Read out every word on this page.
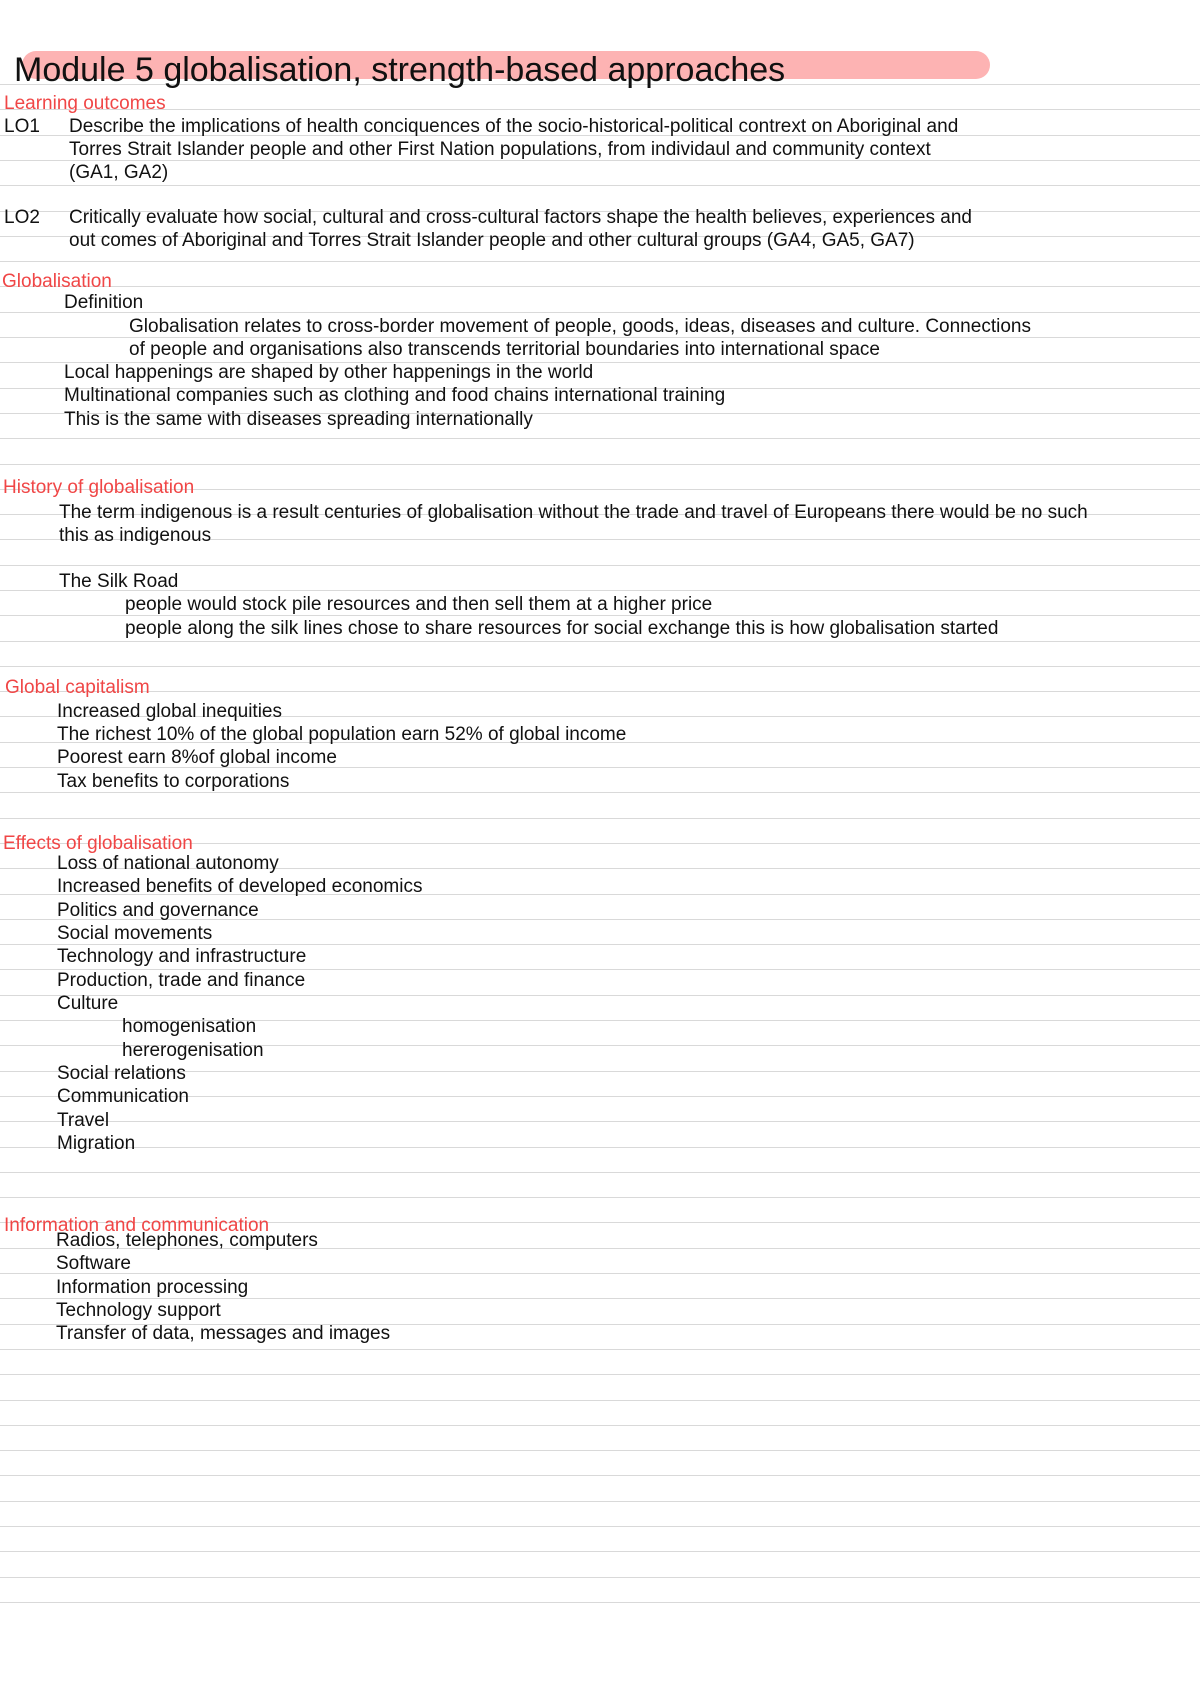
Module 5 globalisation, strength-based approaches
Learning outcomes
LO1 Describe the implications of health conciquences of the socio-historical-political contrext on Aboriginal and
Torres Strait Islander people and other First Nation populations, from individaul and community context
(GA1, GA2)
LO2 Critically evaluate how social, cultural and cross-cultural factors shape the health believes, experiences and
out comes of Aboriginal and Torres Strait Islander people and other cultural groups (GA4, GA5, GA7)
Globalisation
Definition
Globalisation relates to cross-border movement of people, goods, ideas, diseases and culture. Connections
of people and organisations also transcends territorial boundaries into international space
Local happenings are shaped by other happenings in the world
Multinational companies such as clothing and food chains international training
This is the same with diseases spreading internationally
History of globalisation
The term indigenous is a result centuries of globalisation without the trade and travel of Europeans there would be no such
this as indigenous
The Silk Road
people would stock pile resources and then sell them at a higher price
people along the silk lines chose to share resources for social exchange this is how globalisation started
Global capitalism
Increased global inequities
The richest 10% of the global population earn 52% of global income
Poorest earn 8%of global income
Tax benefits to corporations
Effects of globalisation
Loss of national autonomy
Increased benefits of developed economics
Politics and governance
Social movements
Technology and infrastructure
Production, trade and finance
Culture
homogenisation
hererogenisation
Social relations
Communication
Travel
Migration
Information and communication
Radios, telephones, computers
Software
Information processing
Technology support
Transfer of data, messages and images
